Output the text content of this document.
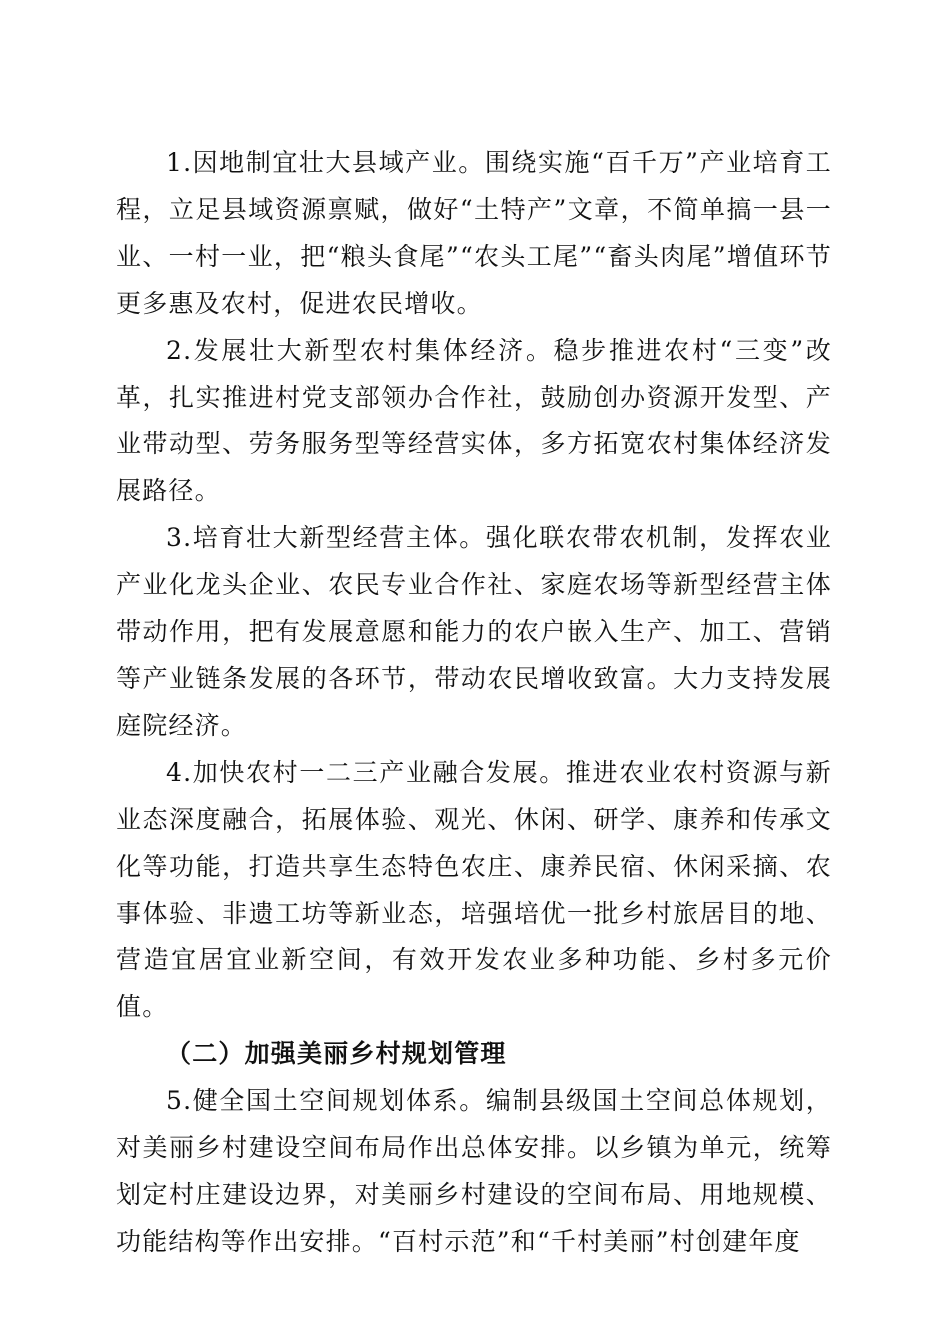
1.因地制宜壮大县域产业。围绕实施“百千万”产业培育工程，立足县域资源禀赋，做好“土特产”文章，不简单搞一县一业、一村一业，把“粮头食尾”“农头工尾”“畜头肉尾”增值环节更多惠及农村，促进农民增收。

2.发展壮大新型农村集体经济。稳步推进农村“三变”改革，扎实推进村党支部领办合作社，鼓励创办资源开发型、产业带动型、劳务服务型等经营实体，多方拓宽农村集体经济发展路径。

3.培育壮大新型经营主体。强化联农带农机制，发挥农业产业化龙头企业、农民专业合作社、家庭农场等新型经营主体带动作用，把有发展意愿和能力的农户嵌入生产、加工、营销等产业链条发展的各环节，带动农民增收致富。大力支持发展庭院经济。

4.加快农村一二三产业融合发展。推进农业农村资源与新业态深度融合，拓展体验、观光、休闲、研学、康养和传承文化等功能，打造共享生态特色农庄、康养民宿、休闲采摘、农事体验、非遗工坊等新业态，培强培优一批乡村旅居目的地、营造宜居宜业新空间，有效开发农业多种功能、乡村多元价值。

（二）加强美丽乡村规划管理

5.健全国土空间规划体系。编制县级国土空间总体规划，对美丽乡村建设空间布局作出总体安排。以乡镇为单元，统筹划定村庄建设边界，对美丽乡村建设的空间布局、用地规模、功能结构等作出安排。“百村示范”和“千村美丽”村创建年度
